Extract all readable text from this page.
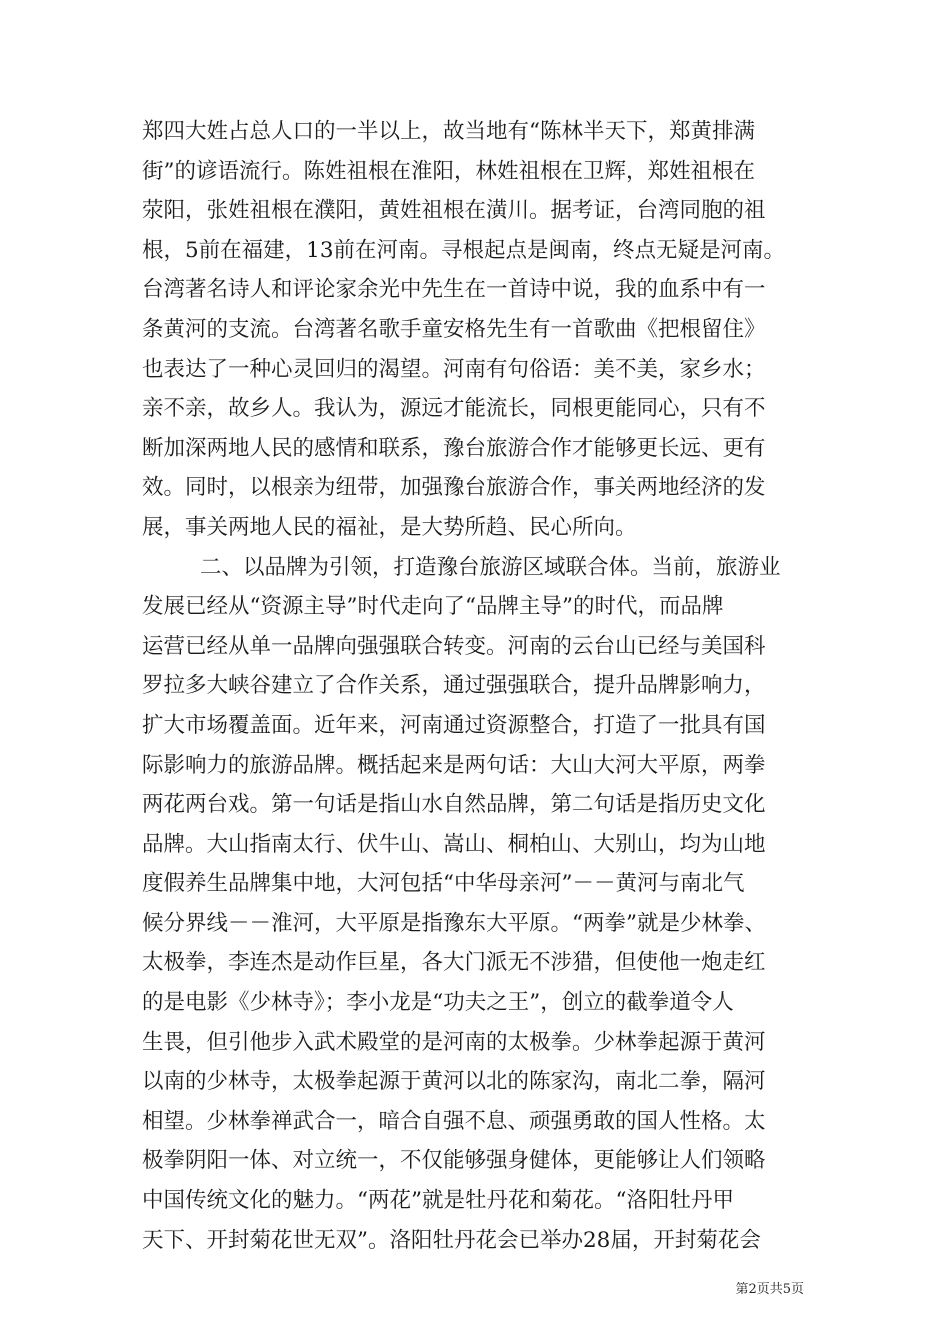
郑四大姓占总人口的一半以上，故当地有“陈林半天下，郑黄排满
街”的谚语流行。陈姓祖根在淮阳，林姓祖根在卫辉，郑姓祖根在
荥阳，张姓祖根在濮阳，黄姓祖根在潢川。据考证，台湾同胞的祖
根，5前在福建，13前在河南。寻根起点是闽南，终点无疑是河南。
台湾著名诗人和评论家余光中先生在一首诗中说，我的血系中有一
条黄河的支流。台湾著名歌手童安格先生有一首歌曲《把根留住》
也表达了一种心灵回归的渴望。河南有句俗语：美不美，家乡水；
亲不亲，故乡人。我认为，源远才能流长，同根更能同心，只有不
断加深两地人民的感情和联系，豫台旅游合作才能够更长远、更有
效。同时，以根亲为纽带，加强豫台旅游合作，事关两地经济的发
展，事关两地人民的福祉，是大势所趋、民心所向。
二、以品牌为引领，打造豫台旅游区域联合体。当前，旅游业
发展已经从“资源主导”时代走向了“品牌主导”的时代，而品牌
运营已经从单一品牌向强强联合转变。河南的云台山已经与美国科
罗拉多大峡谷建立了合作关系，通过强强联合，提升品牌影响力，
扩大市场覆盖面。近年来，河南通过资源整合，打造了一批具有国
际影响力的旅游品牌。概括起来是两句话：大山大河大平原，两拳
两花两台戏。第一句话是指山水自然品牌，第二句话是指历史文化
品牌。大山指南太行、伏牛山、嵩山、桐柏山、大别山，均为山地
度假养生品牌集中地，大河包括“中华母亲河”－－黄河与南北气
候分界线－－淮河，大平原是指豫东大平原。“两拳”就是少林拳、
太极拳，李连杰是动作巨星，各大门派无不涉猎，但使他一炮走红
的是电影《少林寺》；李小龙是“功夫之王”，创立的截拳道令人
生畏，但引他步入武术殿堂的是河南的太极拳。少林拳起源于黄河
以南的少林寺，太极拳起源于黄河以北的陈家沟，南北二拳，隔河
相望。少林拳禅武合一，暗合自强不息、顽强勇敢的国人性格。太
极拳阴阳一体、对立统一，不仅能够强身健体，更能够让人们领略
中国传统文化的魅力。“两花”就是牡丹花和菊花。“洛阳牡丹甲
天下、开封菊花世无双”。洛阳牡丹花会已举办28届，开封菊花会
第2页共5页
